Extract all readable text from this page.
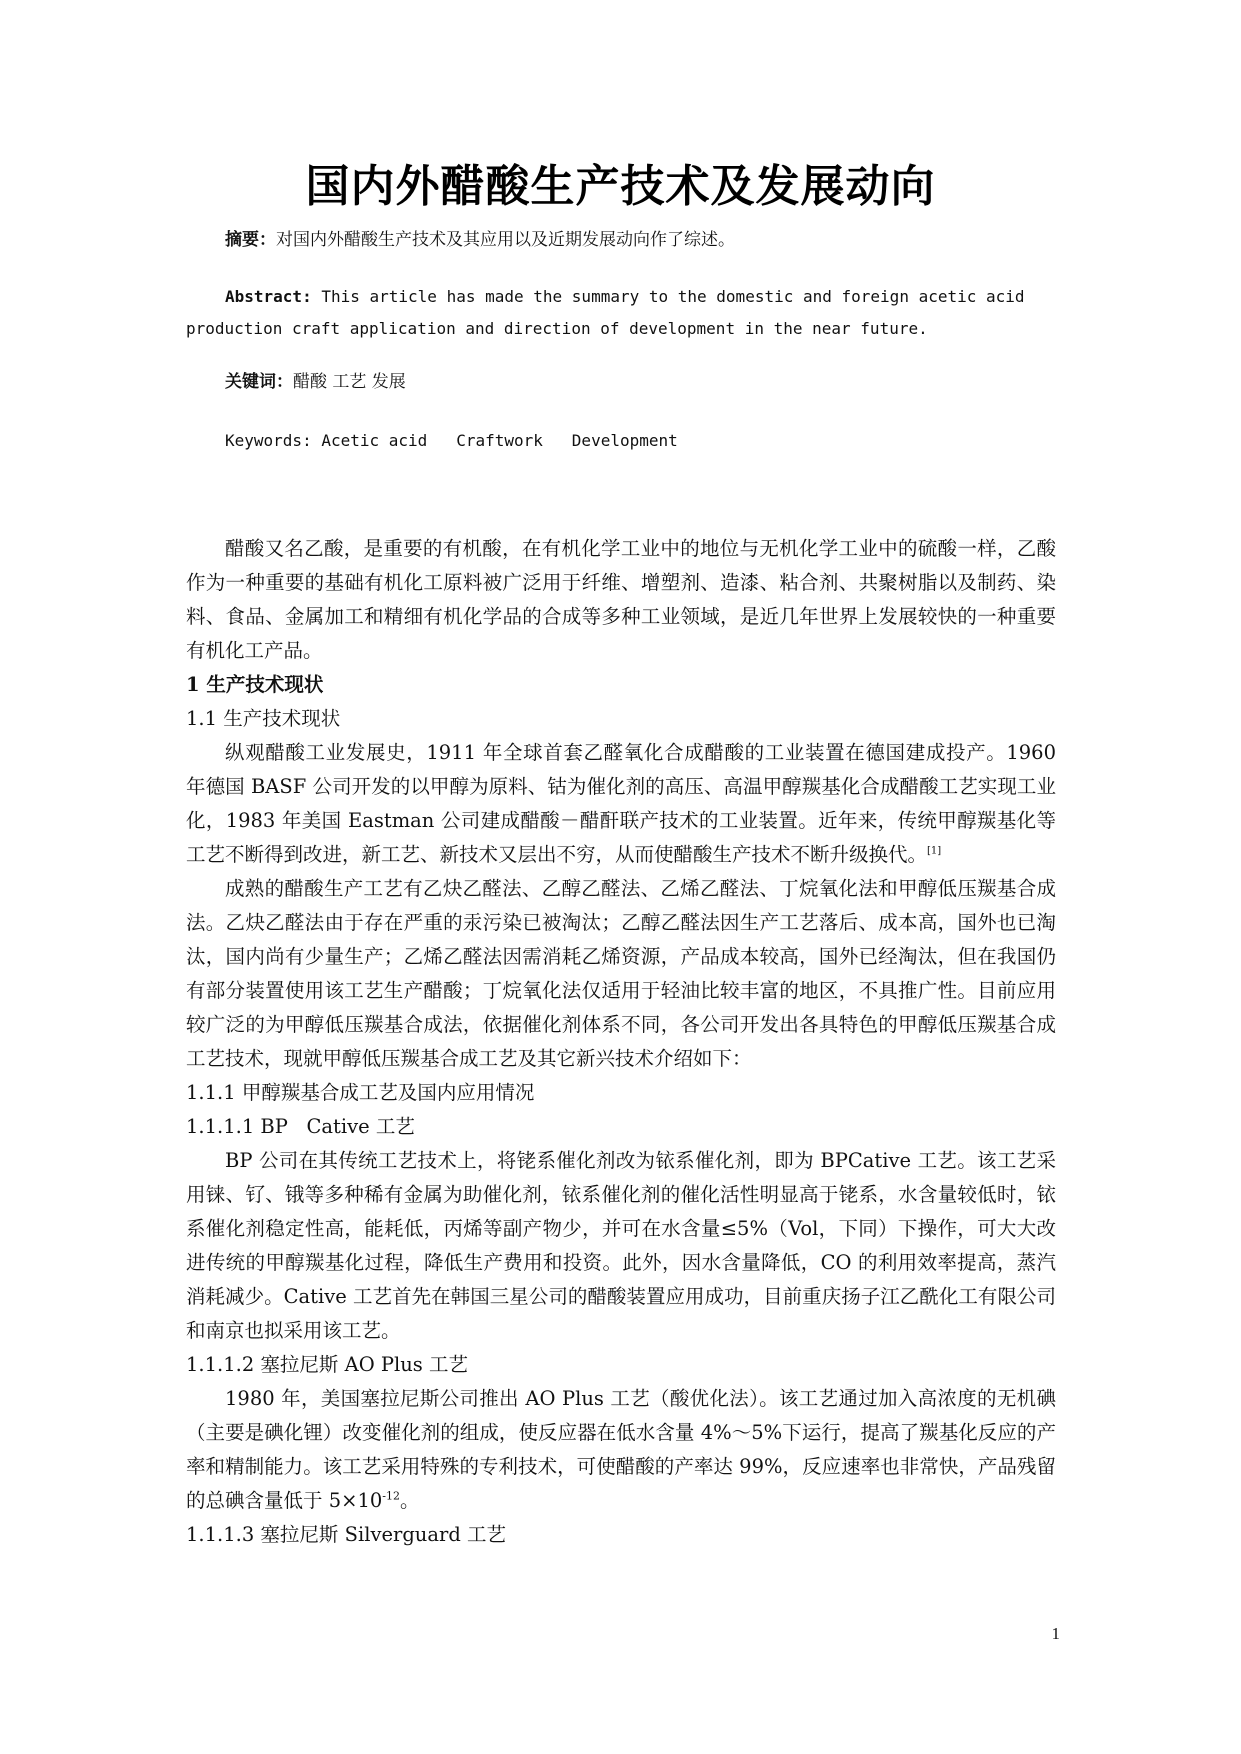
国内外醋酸生产技术及发展动向
摘要：对国内外醋酸生产技术及其应用以及近期发展动向作了综述。
Abstract: This article has made the summary to the domestic and foreign acetic acid production craft application and direction of development in the near future.
关键词：醋酸 工艺 发展
Keywords: Acetic acid   Craftwork   Development

醋酸又名乙酸，是重要的有机酸，在有机化学工业中的地位与无机化学工业中的硫酸一样，乙酸作为一种重要的基础有机化工原料被广泛用于纤维、增塑剂、造漆、粘合剂、共聚树脂以及制药、染料、食品、金属加工和精细有机化学品的合成等多种工业领域，是近几年世界上发展较快的一种重要有机化工产品。

1 生产技术现状
1.1 生产技术现状

纵观醋酸工业发展史，1911 年全球首套乙醛氧化合成醋酸的工业装置在德国建成投产。1960 年德国 BASF 公司开发的以甲醇为原料、钴为催化剂的高压、高温甲醇羰基化合成醋酸工艺实现工业化，1983 年美国 Eastman 公司建成醋酸－醋酐联产技术的工业装置。近年来，传统甲醇羰基化等工艺不断得到改进，新工艺、新技术又层出不穷，从而使醋酸生产技术不断升级换代。[1]

成熟的醋酸生产工艺有乙炔乙醛法、乙醇乙醛法、乙烯乙醛法、丁烷氧化法和甲醇低压羰基合成法。乙炔乙醛法由于存在严重的汞污染已被淘汰；乙醇乙醛法因生产工艺落后、成本高，国外也已淘汰，国内尚有少量生产；乙烯乙醛法因需消耗乙烯资源，产品成本较高，国外已经淘汰，但在我国仍有部分装置使用该工艺生产醋酸；丁烷氧化法仅适用于轻油比较丰富的地区，不具推广性。目前应用较广泛的为甲醇低压羰基合成法，依据催化剂体系不同，各公司开发出各具特色的甲醇低压羰基合成工艺技术，现就甲醇低压羰基合成工艺及其它新兴技术介绍如下：

1.1.1 甲醇羰基合成工艺及国内应用情况
1.1.1.1 BP   Cative 工艺

BP 公司在其传统工艺技术上，将铑系催化剂改为铱系催化剂，即为 BPCative 工艺。该工艺采用铼、钌、锇等多种稀有金属为助催化剂，铱系催化剂的催化活性明显高于铑系，水含量较低时，铱系催化剂稳定性高，能耗低，丙烯等副产物少，并可在水含量≤5%（Vol，下同）下操作，可大大改进传统的甲醇羰基化过程，降低生产费用和投资。此外，因水含量降低，CO 的利用效率提高，蒸汽消耗减少。Cative 工艺首先在韩国三星公司的醋酸装置应用成功，目前重庆扬子江乙酰化工有限公司和南京也拟采用该工艺。

1.1.1.2 塞拉尼斯 AO Plus 工艺

1980 年，美国塞拉尼斯公司推出 AO Plus 工艺（酸优化法）。该工艺通过加入高浓度的无机碘（主要是碘化锂）改变催化剂的组成，使反应器在低水含量 4%～5%下运行，提高了羰基化反应的产率和精制能力。该工艺采用特殊的专利技术，可使醋酸的产率达 99%，反应速率也非常快，产品残留的总碘含量低于 $5\times 10^{-12}$。

1.1.1.3 塞拉尼斯 Silverguard 工艺
1
